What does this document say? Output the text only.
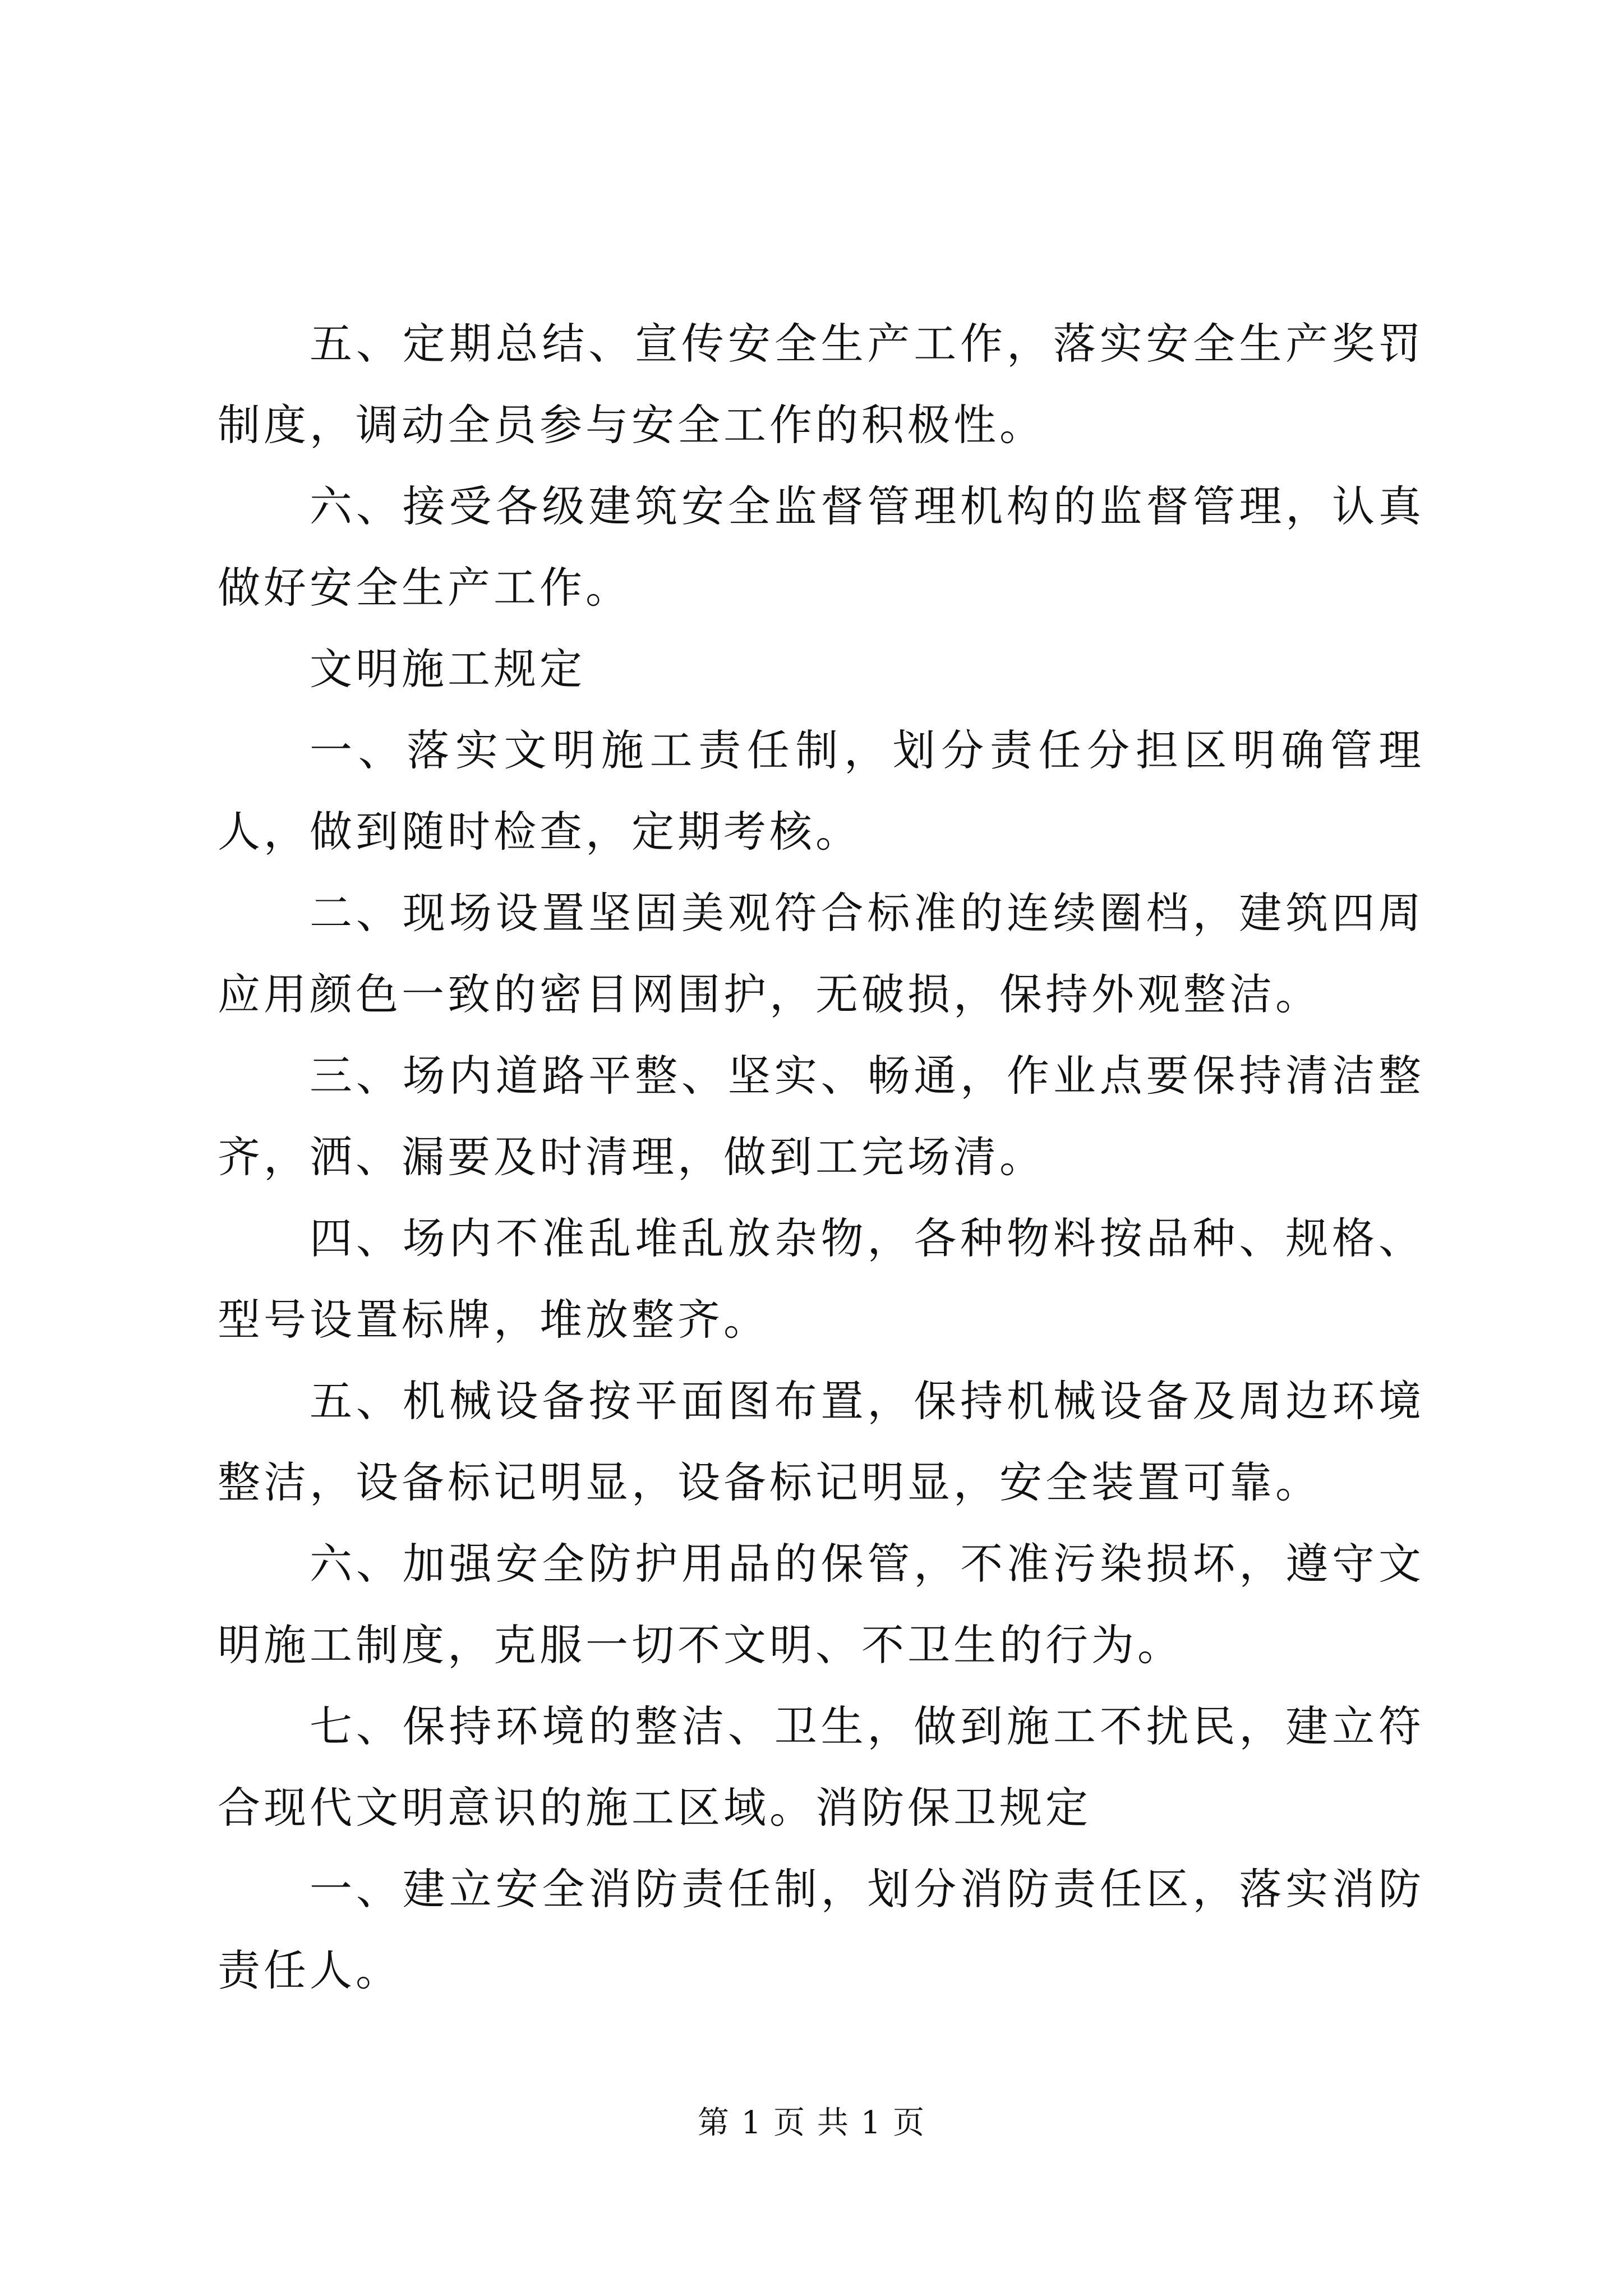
五、定期总结、宣传安全生产工作，落实安全生产奖罚制度，调动全员参与安全工作的积极性。

六、接受各级建筑安全监督管理机构的监督管理，认真做好安全生产工作。

文明施工规定

一、落实文明施工责任制，划分责任分担区明确管理人，做到随时检查，定期考核。

二、现场设置坚固美观符合标准的连续圈档，建筑四周应用颜色一致的密目网围护，无破损，保持外观整洁。

三、场内道路平整、坚实、畅通，作业点要保持清洁整齐，洒、漏要及时清理，做到工完场清。

四、场内不准乱堆乱放杂物，各种物料按品种、规格、型号设置标牌，堆放整齐。

五、机械设备按平面图布置，保持机械设备及周边环境整洁，设备标记明显，设备标记明显，安全装置可靠。

六、加强安全防护用品的保管，不准污染损坏，遵守文明施工制度，克服一切不文明、不卫生的行为。

七、保持环境的整洁、卫生，做到施工不扰民，建立符合现代文明意识的施工区域。消防保卫规定

一、建立安全消防责任制，划分消防责任区，落实消防责任人。

第 1 页 共 1 页
